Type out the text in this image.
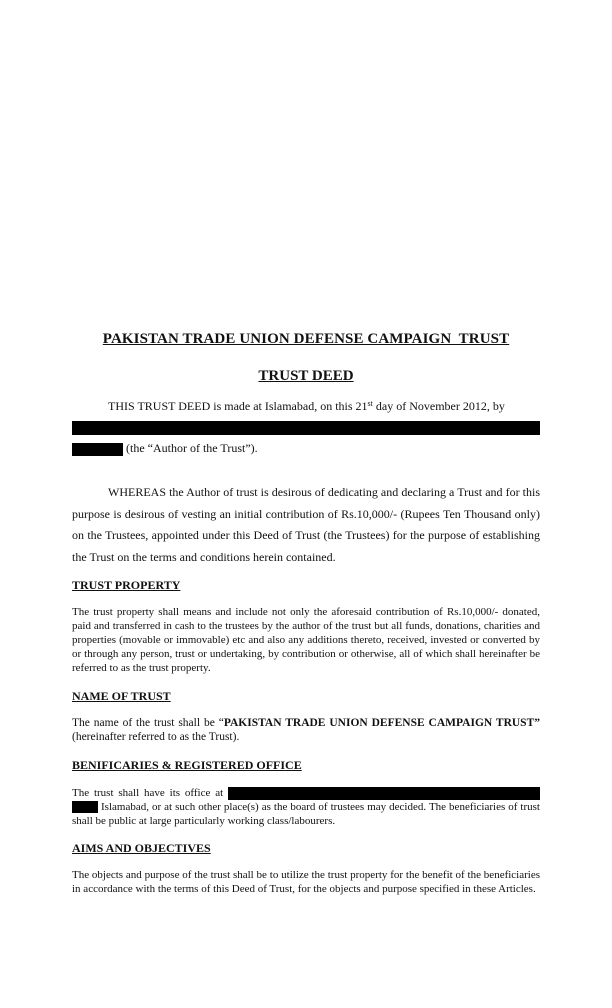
PAKISTAN TRADE UNION DEFENSE CAMPAIGN  TRUST
TRUST DEED
THIS TRUST DEED is made at Islamabad, on this 21st day of November 2012, by
(the “Author of the Trust”).
WHEREAS the Author of trust is desirous of dedicating and declaring a Trust and for this purpose is desirous of vesting an initial contribution of Rs.10,000/- (Rupees Ten Thousand only) on the Trustees, appointed under this Deed of Trust (the Trustees) for the purpose of establishing the Trust on the terms and conditions herein contained.
TRUST PROPERTY
The trust property shall means and include not only the aforesaid contribution of Rs.10,000/- donated, paid and transferred in cash to the trustees by the author of the trust but all funds, donations, charities and properties (movable or immovable) etc and also any additions thereto, received, invested or converted by or through any person, trust or undertaking, by contribution or otherwise, all of which shall hereinafter be referred to as the trust property.
NAME OF TRUST
The name of the trust shall be “PAKISTAN TRADE UNION DEFENSE CAMPAIGN TRUST” (hereinafter referred to as the Trust).
BENIFICARIES & REGISTERED OFFICE
The trust shall have its office at  Islamabad, or at such other place(s) as the board of trustees may decided. The beneficiaries of trust shall be public at large particularly working class/labourers.
AIMS AND OBJECTIVES
The objects and purpose of the trust shall be to utilize the trust property for the benefit of the beneficiaries in accordance with the terms of this Deed of Trust, for the objects and purpose specified in these Articles.
